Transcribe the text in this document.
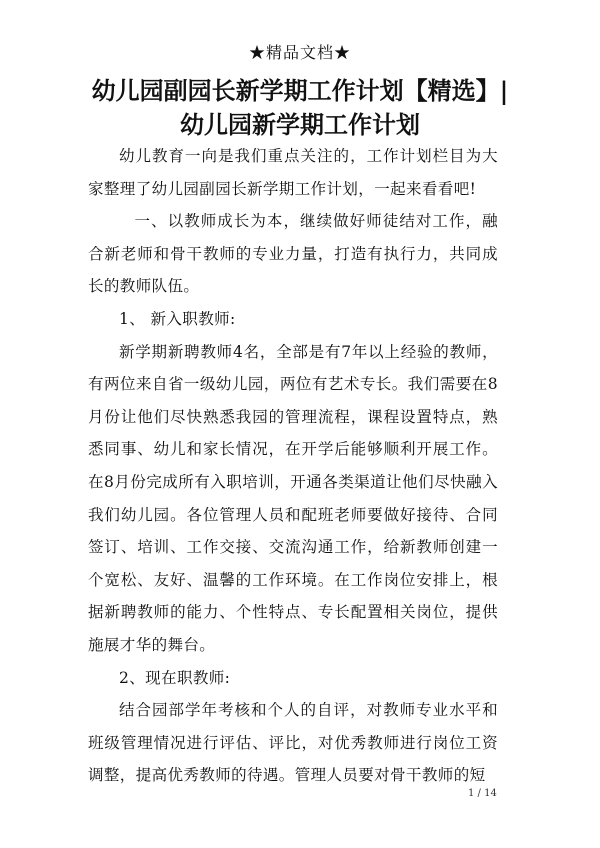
★精品文档★
幼儿园副园长新学期工作计划【精选】|
幼儿园新学期工作计划

幼儿教育一向是我们重点关注的，工作计划栏目为大家整理了幼儿园副园长新学期工作计划，一起来看看吧!

一、以教师成长为本，继续做好师徒结对工作，融合新老师和骨干教师的专业力量，打造有执行力，共同成长的教师队伍。

1、 新入职教师:

新学期新聘教师4名，全部是有7年以上经验的教师，有两位来自省一级幼儿园，两位有艺术专长。我们需要在8月份让他们尽快熟悉我园的管理流程，课程设置特点，熟悉同事、幼儿和家长情况，在开学后能够顺利开展工作。在8月份完成所有入职培训，开通各类渠道让他们尽快融入我们幼儿园。各位管理人员和配班老师要做好接待、合同签订、培训、工作交接、交流沟通工作，给新教师创建一个宽松、友好、温馨的工作环境。在工作岗位安排上，根据新聘教师的能力、个性特点、专长配置相关岗位，提供施展才华的舞台。

2、现在职教师:

结合园部学年考核和个人的自评，对教师专业水平和班级管理情况进行评估、评比，对优秀教师进行岗位工资调整，提高优秀教师的待遇。管理人员要对骨干教师的短

1 / 14
